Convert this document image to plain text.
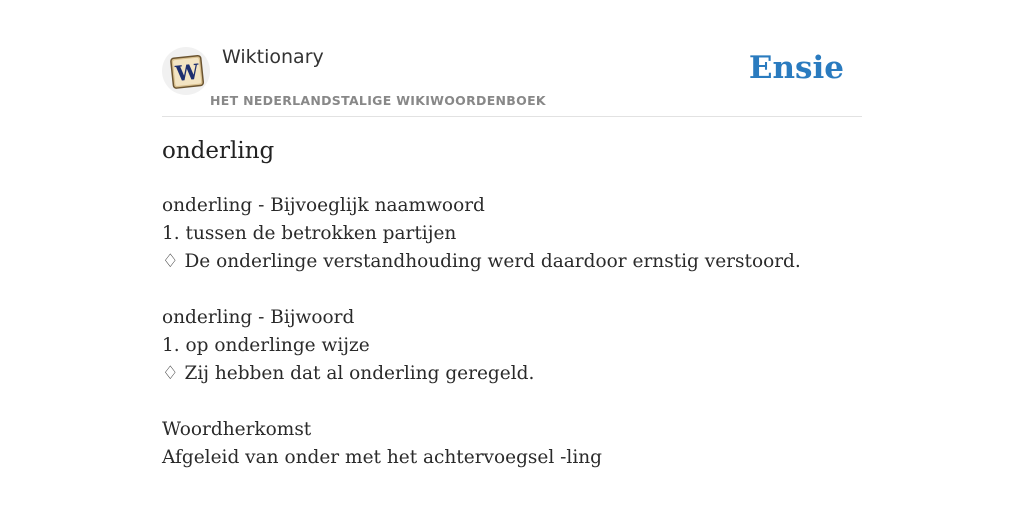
W
Wiktionary
HET NEDERLANDSTALIGE WIKIWOORDENBOEK
Ensie
onderling
onderling - Bijvoeglijk naamwoord
1. tussen de betrokken partijen
♢ De onderlinge verstandhouding werd daardoor ernstig verstoord.
onderling - Bijwoord
1. op onderlinge wijze
♢ Zij hebben dat al onderling geregeld.
Woordherkomst
Afgeleid van onder met het achtervoegsel -ling
